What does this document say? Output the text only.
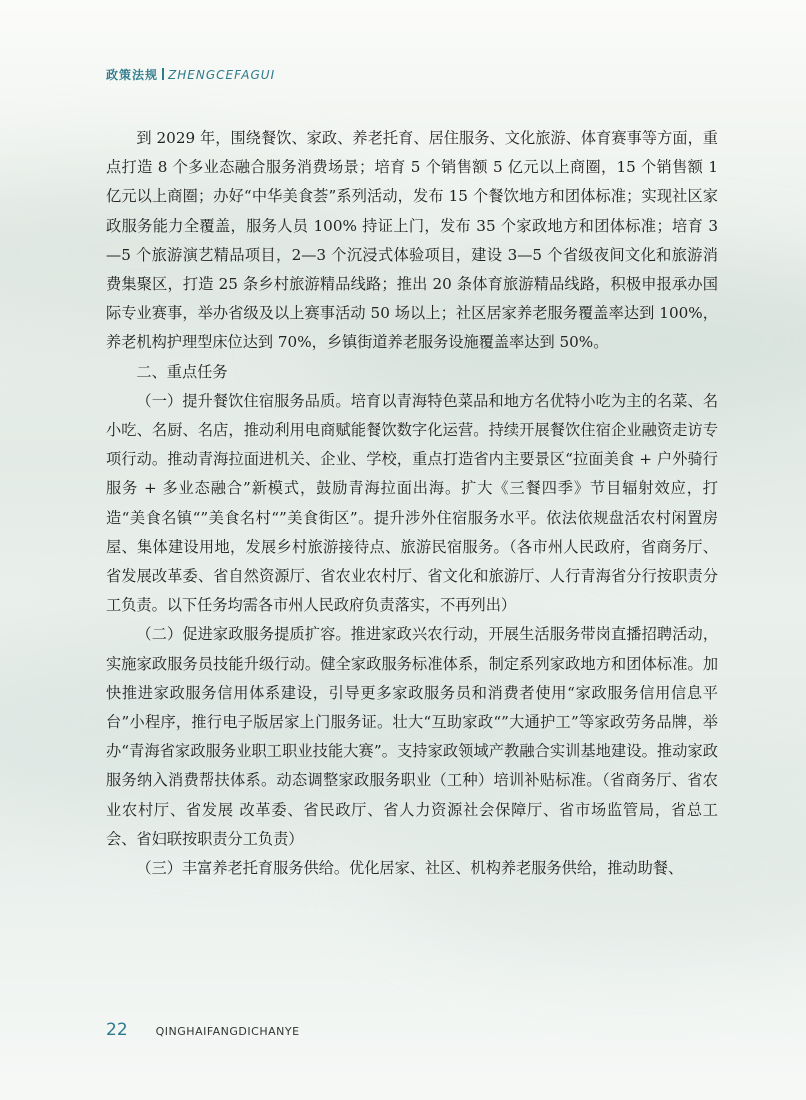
政策法规 ZHENGCEFAGUI

到 2029 年，围绕餐饮、家政、养老托育、居住服务、文化旅游、体育赛事等方面，重点打造 8 个多业态融合服务消费场景；培育 5 个销售额 5 亿元以上商圈，15 个销售额 1 亿元以上商圈；办好“中华美食荟”系列活动，发布 15 个餐饮地方和团体标准；实现社区家政服务能力全覆盖，服务人员 100% 持证上门，发布 35 个家政地方和团体标准；培育 3—5 个旅游演艺精品项目，2—3 个沉浸式体验项目，建设 3—5 个省级夜间文化和旅游消费集聚区，打造 25 条乡村旅游精品线路；推出 20 条体育旅游精品线路，积极申报承办国际专业赛事，举办省级及以上赛事活动 50 场以上；社区居家养老服务覆盖率达到 100%，养老机构护理型床位达到 70%，乡镇街道养老服务设施覆盖率达到 50%。

二、重点任务

（一）提升餐饮住宿服务品质。培育以青海特色菜品和地方名优特小吃为主的名菜、名小吃、名厨、名店，推动利用电商赋能餐饮数字化运营。持续开展餐饮住宿企业融资走访专项行动。推动青海拉面进机关、企业、学校，重点打造省内主要景区“拉面美食 + 户外骑行服务 + 多业态融合”新模式，鼓励青海拉面出海。扩大《三餐四季》节目辐射效应，打造“美食名镇“”美食名村“”美食街区”。提升涉外住宿服务水平。依法依规盘活农村闲置房屋、集体建设用地，发展乡村旅游接待点、旅游民宿服务。（各市州人民政府，省商务厅、省发展改革委、省自然资源厅、省农业农村厅、省文化和旅游厅、人行青海省分行按职责分工负责。以下任务均需各市州人民政府负责落实，不再列出）

（二）促进家政服务提质扩容。推进家政兴农行动，开展生活服务带岗直播招聘活动，实施家政服务员技能升级行动。健全家政服务标准体系，制定系列家政地方和团体标准。加快推进家政服务信用体系建设，引导更多家政服务员和消费者使用“家政服务信用信息平台”小程序，推行电子版居家上门服务证。壮大“互助家政“”大通护工”等家政劳务品牌，举办“青海省家政服务业职工职业技能大赛”。支持家政领域产教融合实训基地建设。推动家政服务纳入消费帮扶体系。动态调整家政服务职业（工种）培训补贴标准。（省商务厅、省农业农村厅、省发展 改革委、省民政厅、省人力资源社会保障厅、省市场监管局，省总工会、省妇联按职责分工负责）

（三）丰富养老托育服务供给。优化居家、社区、机构养老服务供给，推动助餐、

22	QINGHAIFANGDICHANYE
